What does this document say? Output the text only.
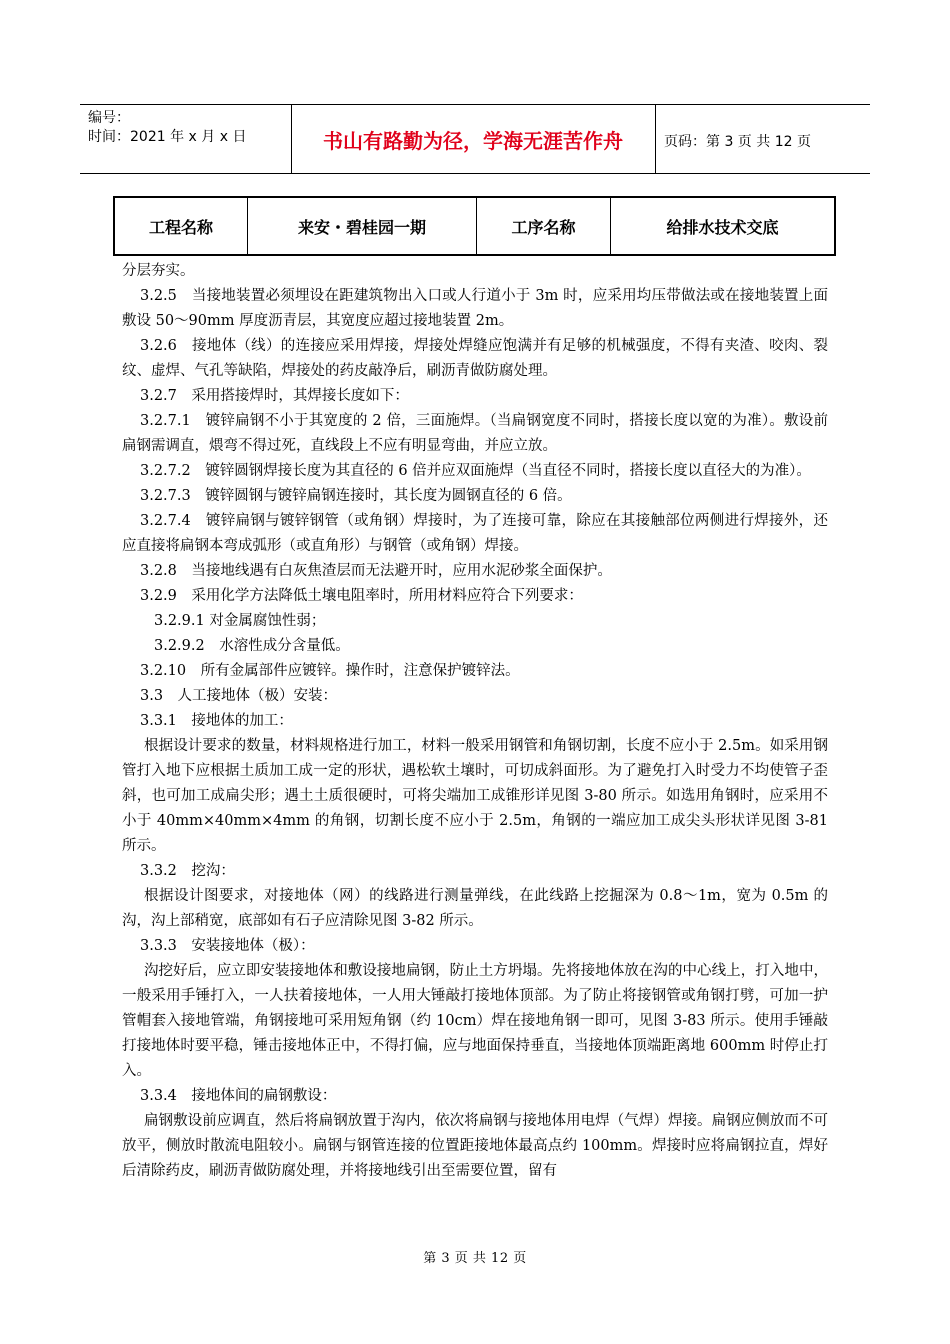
编号：
时间：2021 年 x 月 x 日	书山有路勤为径，学海无涯苦作舟	页码：第 3 页 共 12 页
工程名称	来安・碧桂园一期	工序名称	给排水技术交底

分层夯实。

3.2.5　当接地装置必须埋设在距建筑物出入口或人行道小于 3m 时，应采用均压带做法或在接地装置上面敷设 50～90mm 厚度沥青层，其宽度应超过接地装置 2m。

3.2.6　接地体（线）的连接应采用焊接，焊接处焊缝应饱满并有足够的机械强度，不得有夹渣、咬肉、裂纹、虚焊、气孔等缺陷，焊接处的药皮敲净后，刷沥青做防腐处理。

3.2.7　采用搭接焊时，其焊接长度如下：

3.2.7.1　镀锌扁钢不小于其宽度的 2 倍，三面施焊。（当扁钢宽度不同时，搭接长度以宽的为准）。敷设前扁钢需调直，煨弯不得过死，直线段上不应有明显弯曲，并应立放。

3.2.7.2　镀锌圆钢焊接长度为其直径的 6 倍并应双面施焊（当直径不同时，搭接长度以直径大的为准）。

3.2.7.3　镀锌圆钢与镀锌扁钢连接时，其长度为圆钢直径的 6 倍。

3.2.7.4　镀锌扁钢与镀锌钢管（或角钢）焊接时，为了连接可靠，除应在其接触部位两侧进行焊接外，还应直接将扁钢本弯成弧形（或直角形）与钢管（或角钢）焊接。

3.2.8　当接地线遇有白灰焦渣层而无法避开时，应用水泥砂浆全面保护。

3.2.9　采用化学方法降低土壤电阻率时，所用材料应符合下列要求：

3.2.9.1 对金属腐蚀性弱；

3.2.9.2　水溶性成分含量低。

3.2.10　所有金属部件应镀锌。操作时，注意保护镀锌法。

3.3　人工接地体（极）安装：

3.3.1　接地体的加工：

根据设计要求的数量，材料规格进行加工，材料一般采用钢管和角钢切割，长度不应小于 2.5m。如采用钢管打入地下应根据土质加工成一定的形状，遇松软土壤时，可切成斜面形。为了避免打入时受力不均使管子歪斜，也可加工成扁尖形；遇土土质很硬时，可将尖端加工成锥形详见图 3-80 所示。如选用角钢时，应采用不小于 40mm×40mm×4mm 的角钢，切割长度不应小于 2.5m，角钢的一端应加工成尖头形状详见图 3-81 所示。

3.3.2　挖沟：

根据设计图要求，对接地体（网）的线路进行测量弹线，在此线路上挖掘深为 0.8～1m，宽为 0.5m 的沟，沟上部稍宽，底部如有石子应清除见图 3-82 所示。

3.3.3　安装接地体（极）：

沟挖好后，应立即安装接地体和敷设接地扁钢，防止土方坍塌。先将接地体放在沟的中心线上，打入地中，一般采用手锤打入，一人扶着接地体，一人用大锤敲打接地体顶部。为了防止将接钢管或角钢打劈，可加一护管帽套入接地管端，角钢接地可采用短角钢（约 10cm）焊在接地角钢一即可，见图 3-83 所示。使用手锤敲打接地体时要平稳，锤击接地体正中，不得打偏，应与地面保持垂直，当接地体顶端距离地 600mm 时停止打入。

3.3.4　接地体间的扁钢敷设：

扁钢敷设前应调直，然后将扁钢放置于沟内，依次将扁钢与接地体用电焊（气焊）焊接。扁钢应侧放而不可放平，侧放时散流电阻较小。扁钢与钢管连接的位置距接地体最高点约 100mm。焊接时应将扁钢拉直，焊好后清除药皮，刷沥青做防腐处理，并将接地线引出至需要位置，留有

第 3 页 共 12 页
